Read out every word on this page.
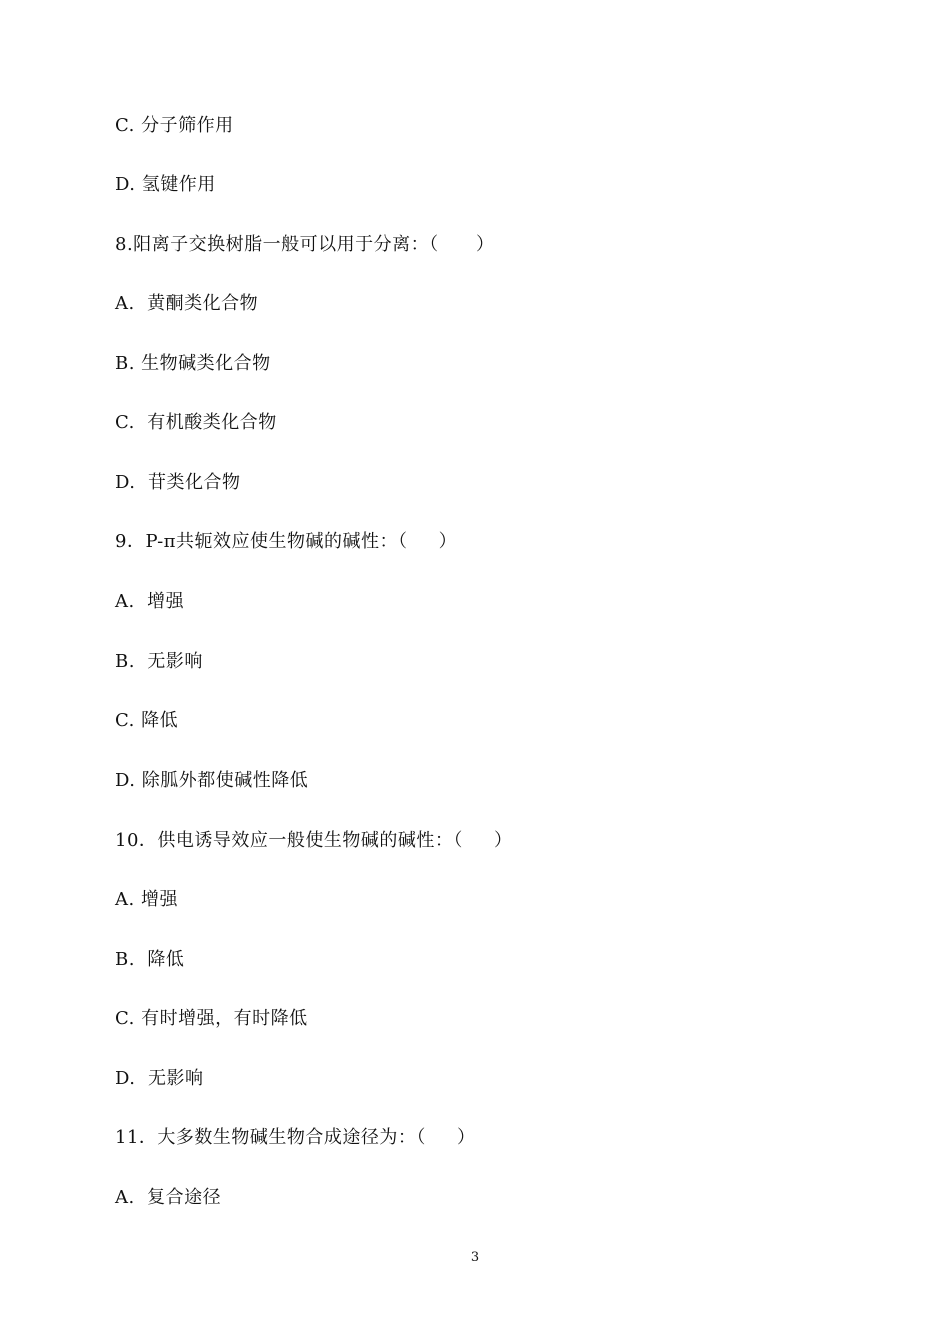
C. 分子筛作用
D. 氢键作用
8.阳离子交换树脂一般可以用于分离：（      ）
A.  黄酮类化合物
B. 生物碱类化合物
C.  有机酸类化合物
D.  苷类化合物
9．P-π共轭效应使生物碱的碱性：（     ）
A.  增强
B.  无影响
C. 降低
D. 除胍外都使碱性降低
10．供电诱导效应一般使生物碱的碱性：（     ）
A. 增强
B.  降低
C. 有时增强，有时降低
D.  无影响
11．大多数生物碱生物合成途径为：（     ）
A.  复合途径
3
